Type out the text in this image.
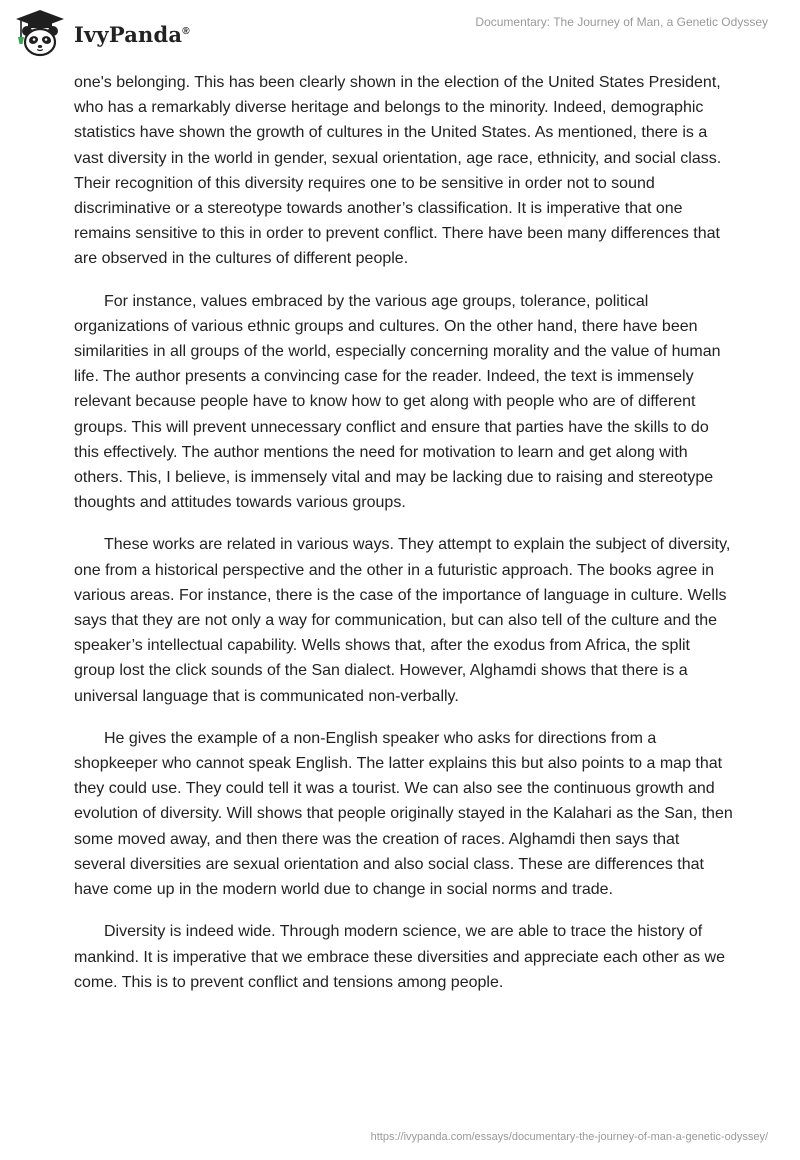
IvyPanda®
Documentary: The Journey of Man, a Genetic Odyssey

one's belonging. This has been clearly shown in the election of the United States President, who has a remarkably diverse heritage and belongs to the minority. Indeed, demographic statistics have shown the growth of cultures in the United States. As mentioned, there is a vast diversity in the world in gender, sexual orientation, age race, ethnicity, and social class. Their recognition of this diversity requires one to be sensitive in order not to sound discriminative or a stereotype towards another’s classification. It is imperative that one remains sensitive to this in order to prevent conflict. There have been many differences that are observed in the cultures of different people.

For instance, values embraced by the various age groups, tolerance, political organizations of various ethnic groups and cultures. On the other hand, there have been similarities in all groups of the world, especially concerning morality and the value of human life. The author presents a convincing case for the reader. Indeed, the text is immensely relevant because people have to know how to get along with people who are of different groups. This will prevent unnecessary conflict and ensure that parties have the skills to do this effectively. The author mentions the need for motivation to learn and get along with others. This, I believe, is immensely vital and may be lacking due to raising and stereotype thoughts and attitudes towards various groups.

These works are related in various ways. They attempt to explain the subject of diversity, one from a historical perspective and the other in a futuristic approach. The books agree in various areas. For instance, there is the case of the importance of language in culture. Wells says that they are not only a way for communication, but can also tell of the culture and the speaker’s intellectual capability. Wells shows that, after the exodus from Africa, the split group lost the click sounds of the San dialect. However, Alghamdi shows that there is a universal language that is communicated non-verbally.

He gives the example of a non-English speaker who asks for directions from a shopkeeper who cannot speak English. The latter explains this but also points to a map that they could use. They could tell it was a tourist. We can also see the continuous growth and evolution of diversity. Will shows that people originally stayed in the Kalahari as the San, then some moved away, and then there was the creation of races. Alghamdi then says that several diversities are sexual orientation and also social class. These are differences that have come up in the modern world due to change in social norms and trade.

Diversity is indeed wide. Through modern science, we are able to trace the history of mankind. It is imperative that we embrace these diversities and appreciate each other as we come. This is to prevent conflict and tensions among people.

https://ivypanda.com/essays/documentary-the-journey-of-man-a-genetic-odyssey/
